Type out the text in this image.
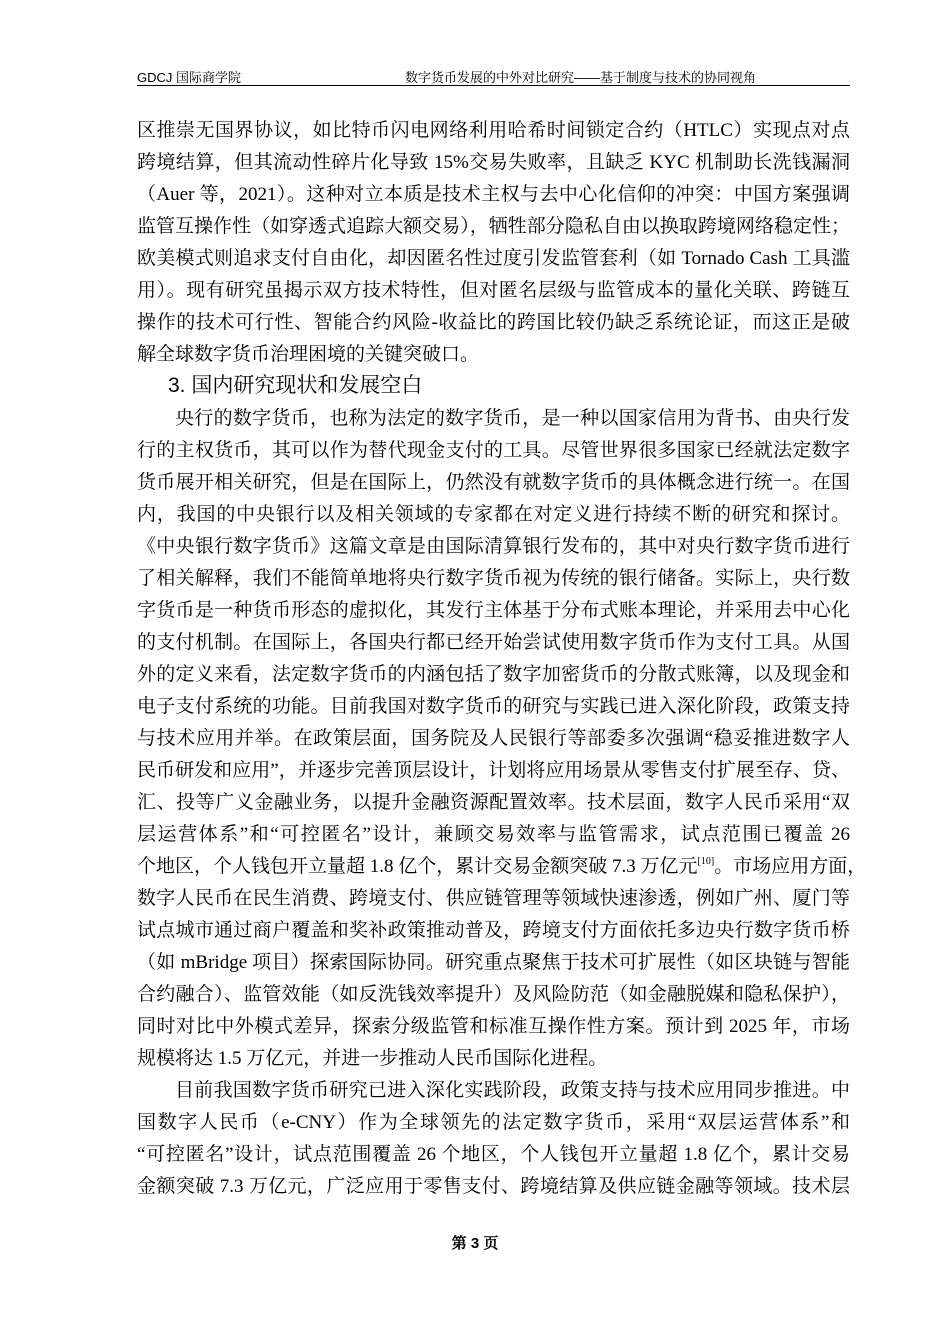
GDCJ 国际商学院	数字货币发展的中外对比研究——基于制度与技术的协同视角
区推崇无国界协议，如比特币闪电网络利用哈希时间锁定合约（HTLC）实现点对点
跨境结算，但其流动性碎片化导致 15%交易失败率，且缺乏 KYC 机制助长洗钱漏洞
（Auer 等，2021）。这种对立本质是技术主权与去中心化信仰的冲突：中国方案强调
监管互操作性（如穿透式追踪大额交易），牺牲部分隐私自由以换取跨境网络稳定性；
欧美模式则追求支付自由化，却因匿名性过度引发监管套利（如 Tornado Cash 工具滥
用）。现有研究虽揭示双方技术特性，但对匿名层级与监管成本的量化关联、跨链互
操作的技术可行性、智能合约风险-收益比的跨国比较仍缺乏系统论证，而这正是破
解全球数字货币治理困境的关键突破口。
3. 国内研究现状和发展空白
央行的数字货币，也称为法定的数字货币，是一种以国家信用为背书、由央行发
行的主权货币，其可以作为替代现金支付的工具。尽管世界很多国家已经就法定数字
货币展开相关研究，但是在国际上，仍然没有就数字货币的具体概念进行统一。在国
内，我国的中央银行以及相关领域的专家都在对定义进行持续不断的研究和探讨。
《中央银行数字货币》这篇文章是由国际清算银行发布的，其中对央行数字货币进行
了相关解释，我们不能简单地将央行数字货币视为传统的银行储备。实际上，央行数
字货币是一种货币形态的虚拟化，其发行主体基于分布式账本理论，并采用去中心化
的支付机制。在国际上，各国央行都已经开始尝试使用数字货币作为支付工具。从国
外的定义来看，法定数字货币的内涵包括了数字加密货币的分散式账簿，以及现金和
电子支付系统的功能。目前我国对数字货币的研究与实践已进入深化阶段，政策支持
与技术应用并举。在政策层面，国务院及人民银行等部委多次强调“稳妥推进数字人
民币研发和应用”，并逐步完善顶层设计，计划将应用场景从零售支付扩展至存、贷、
汇、投等广义金融业务，以提升金融资源配置效率。技术层面，数字人民币采用“双
层运营体系”和“可控匿名”设计，兼顾交易效率与监管需求，试点范围已覆盖 26
个地区，个人钱包开立量超 1.8 亿个，累计交易金额突破 7.3 万亿元[10]。市场应用方面，
数字人民币在民生消费、跨境支付、供应链管理等领域快速渗透，例如广州、厦门等
试点城市通过商户覆盖和奖补政策推动普及，跨境支付方面依托多边央行数字货币桥
（如 mBridge 项目）探索国际协同。研究重点聚焦于技术可扩展性（如区块链与智能
合约融合）、监管效能（如反洗钱效率提升）及风险防范（如金融脱媒和隐私保护），
同时对比中外模式差异，探索分级监管和标准互操作性方案。预计到 2025 年，市场
规模将达 1.5 万亿元，并进一步推动人民币国际化进程。
目前我国数字货币研究已进入深化实践阶段，政策支持与技术应用同步推进。中
国数字人民币（e-CNY）作为全球领先的法定数字货币，采用“双层运营体系”和
“可控匿名”设计，试点范围覆盖 26 个地区，个人钱包开立量超 1.8 亿个，累计交易
金额突破 7.3 万亿元，广泛应用于零售支付、跨境结算及供应链金融等领域。技术层
第 3 页
